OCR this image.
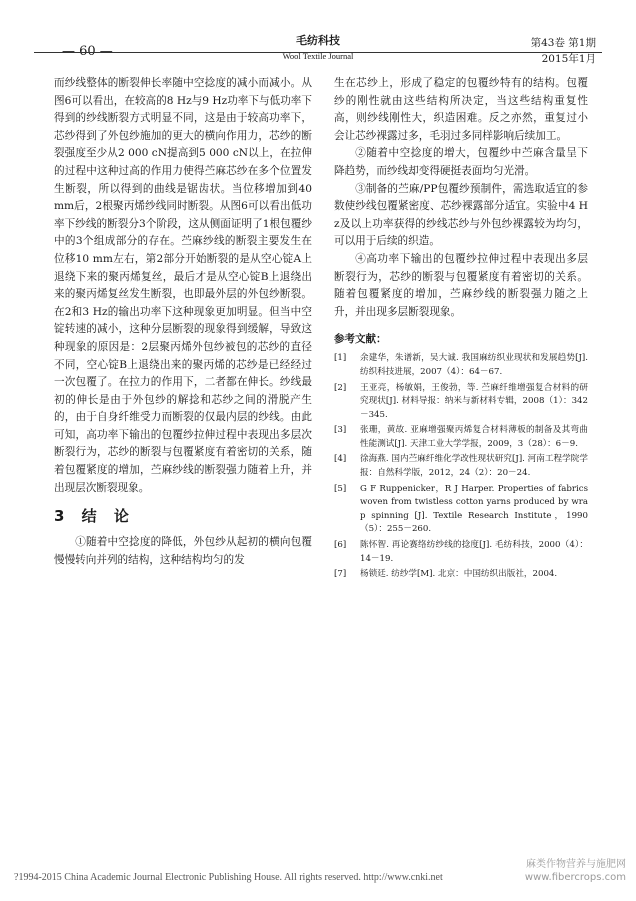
— 60 —
毛纺科技
Wool Textile Journal
第43卷 第1期
2015年1月

而纱线整体的断裂伸长率随中空捻度的减小而减小。从图6可以看出，在较高的8 Hz与9 Hz功率下与低功率下得到的纱线断裂方式明显不同，这是由于较高功率下，芯纱得到了外包纱施加的更大的横向作用力，芯纱的断裂强度至少从2 000 cN提高到5 000 cN以上，在拉伸的过程中这种过高的作用力使得苎麻芯纱在多个位置发生断裂，所以得到的曲线是锯齿状。当位移增加到40 mm后，2根聚丙烯纱线同时断裂。从图6可以看出低功率下纱线的断裂分3个阶段，这从侧面证明了1根包覆纱中的3个组成部分的存在。苎麻纱线的断裂主要发生在位移10 mm左右，第2部分开始断裂的是从空心锭A上退绕下来的聚丙烯复丝，最后才是从空心锭B上退绕出来的聚丙烯复丝发生断裂，也即最外层的外包纱断裂。在2和3 Hz的输出功率下这种现象更加明显。但当中空锭转速的减小，这种分层断裂的现象得到缓解，导致这种现象的原因是：2层聚丙烯外包纱被包的芯纱的直径不同，空心锭B上退绕出来的聚丙烯的芯纱是已经经过一次包覆了。在拉力的作用下，二者都在伸长。纱线最初的伸长是由于外包纱的解捻和芯纱之间的滑脱产生的，由于自身纤维受力而断裂的仅最内层的纱线。由此可知，高功率下输出的包覆纱拉伸过程中表现出多层次断裂行为，芯纱的断裂与包覆紧度有着密切的关系，随着包覆紧度的增加，苎麻纱线的断裂强力随着上升，并出现层次断裂现象。

3 结 论

①随着中空捻度的降低，外包纱从起初的横向包覆慢慢转向并列的结构，这种结构均匀的发

生在芯纱上，形成了稳定的包覆纱特有的结构。包覆纱的刚性就由这些结构所决定，当这些结构重复性高，则纱线刚性大，织造困难。反之亦然，重复过小会让芯纱裸露过多，毛羽过多同样影响后续加工。

②随着中空捻度的增大，包覆纱中苎麻含量呈下降趋势，而纱线却变得硬挺表面均匀光滑。

③制备的苎麻/PP包覆纱预制件，需选取适宜的参数使纱线包覆紧密度、芯纱裸露部分适宜。实验中4 Hz及以上功率获得的纱线芯纱与外包纱裸露较为均匀，可以用于后续的织造。

④高功率下输出的包覆纱拉伸过程中表现出多层断裂行为，芯纱的断裂与包覆紧度有着密切的关系。随着包覆紧度的增加，苎麻纱线的断裂强力随之上升，并出现多层断裂现象。

参考文献：
[1]	余建华，朱谱新，吴大诚. 我国麻纺织业现状和发展趋势[J]. 纺织科技进展，2007（4）：64－67.
[2]	王亚亮，杨敏娟，王俊勃，等. 苎麻纤维增强复合材料的研究现状[J]. 材料导报：纳米与新材料专辑，2008（1）：342－345.
[3]	张珊，黄故. 亚麻增强聚丙烯复合材料薄板的制备及其弯曲性能测试[J]. 天津工业大学学报，2009，3（28）：6－9.
[4]	徐海燕. 国内苎麻纤维化学改性现状研究[J]. 河南工程学院学报：自然科学版，2012，24（2）：20－24.
[5]	G F Ruppenicker，R J Harper. Properties of fabrics woven from twistless cotton yarns produced by wrap spinning [J]. Textile Research Institute，1990（5）：255－260.
[6]	陈怀智. 再论赛络纺纱线的捻度[J]. 毛纺科技，2000（4）：14－19.
[7]	杨锁廷. 纺纱学[M]. 北京：中国纺织出版社，2004.
麻类作物营养与施肥网
www.fibercrops.com
?1994-2015 China Academic Journal Electronic Publishing House. All rights reserved. http://www.cnki.net
